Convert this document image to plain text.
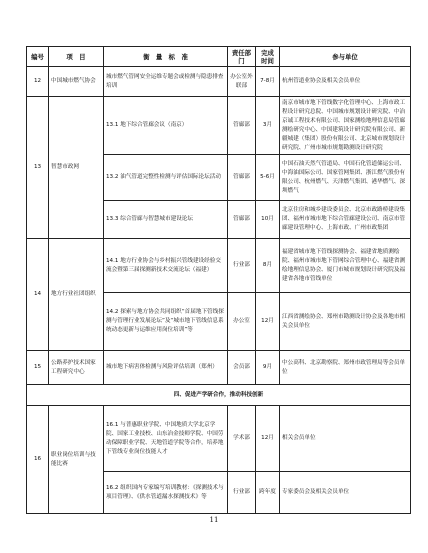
编号	项　目	衡　量　标　准	责任部门	完成时间	参与单位
12	中国城市燃气协会	城市燃气管网安全运维专题会或检测与隐患排查培训	办公室外联部	7-8月	杭州管道业协会及相关会员单位
13	智慧市政网	13.1 地下综合管廊会议（南京）	管廊部	3月	南京市城市地下管线数字化管理中心、上海市政工程设计研究总院、中国城市规划设计研究院、中冶京诚工程技术有限公司、国家测绘地理信息局管廊测绘研究中心、中国建筑设计研究院有限公司、新疆城建（集团）股份有限公司、北京城市规划设计研究院、广州市城市规划勘测设计研究院
		13.2 油气管道完整性检测与评估国际论坛活动	管廊部	5-6月	中国石油天然气管道局、中国石化管道储运公司、中海油国际公司、国家管网集团、浙江燃气股份有限公司、杭州燃气、天津燃气集团、港华燃气、深圳燃气
		13.3 综合管廊与智慧城市建设论坛	管廊部	10月	北京住房和城乡建设委员会、北京市政路桥建设集团、福州市城市地下综合管廊建设公司、南京市管廊建设管理中心、上海市政、广州市政集团
14	地方行业社团组织	14.1 地方行业协会与乡村振兴管线建设经验交流会暨第三届探测新技术交流论坛（福建）	行业部	8月	福建省城市地下管线探测协会、福建省地质测绘院、福州市城市地下管网综合管理中心、福建省测绘地理信息协会、厦门市城市规划设计研究院及福建省各地市管线单位
		14.2 探索与地方协会共同组织“首届地下管线探测与管理行业发展论坛”及“城市地下管线信息系统动态更新与运维应用岗位培训”等	办公室	12月	江西省测绘协会、郑州市勘测设计协会及各地市相关会员单位
15	公路养护技术国家工程研究中心	城市地下病害体检测与风险评估培训（郑州）	会员部	9月	中公高科、北京勘察院、郑州市政管理局等会员单位
四、促进产学研合作，推动科技创新					
16	职业岗位培训与技能比赛	16.1 与普惠职业学院、中国地质大学北京学院、国家工业技校、山东冶金技师学院、中国劳动保障职业学院、天地管道学院等合作，培养地下管线专业岗位技能人才	学术部	12月	相关会员单位
		16.2 组织国内专家编写培训教材：《探测技术与项目管理》、《供水管道漏水探测技术》等	行业部	跨年度	专家委员会及相关会员单位
11
